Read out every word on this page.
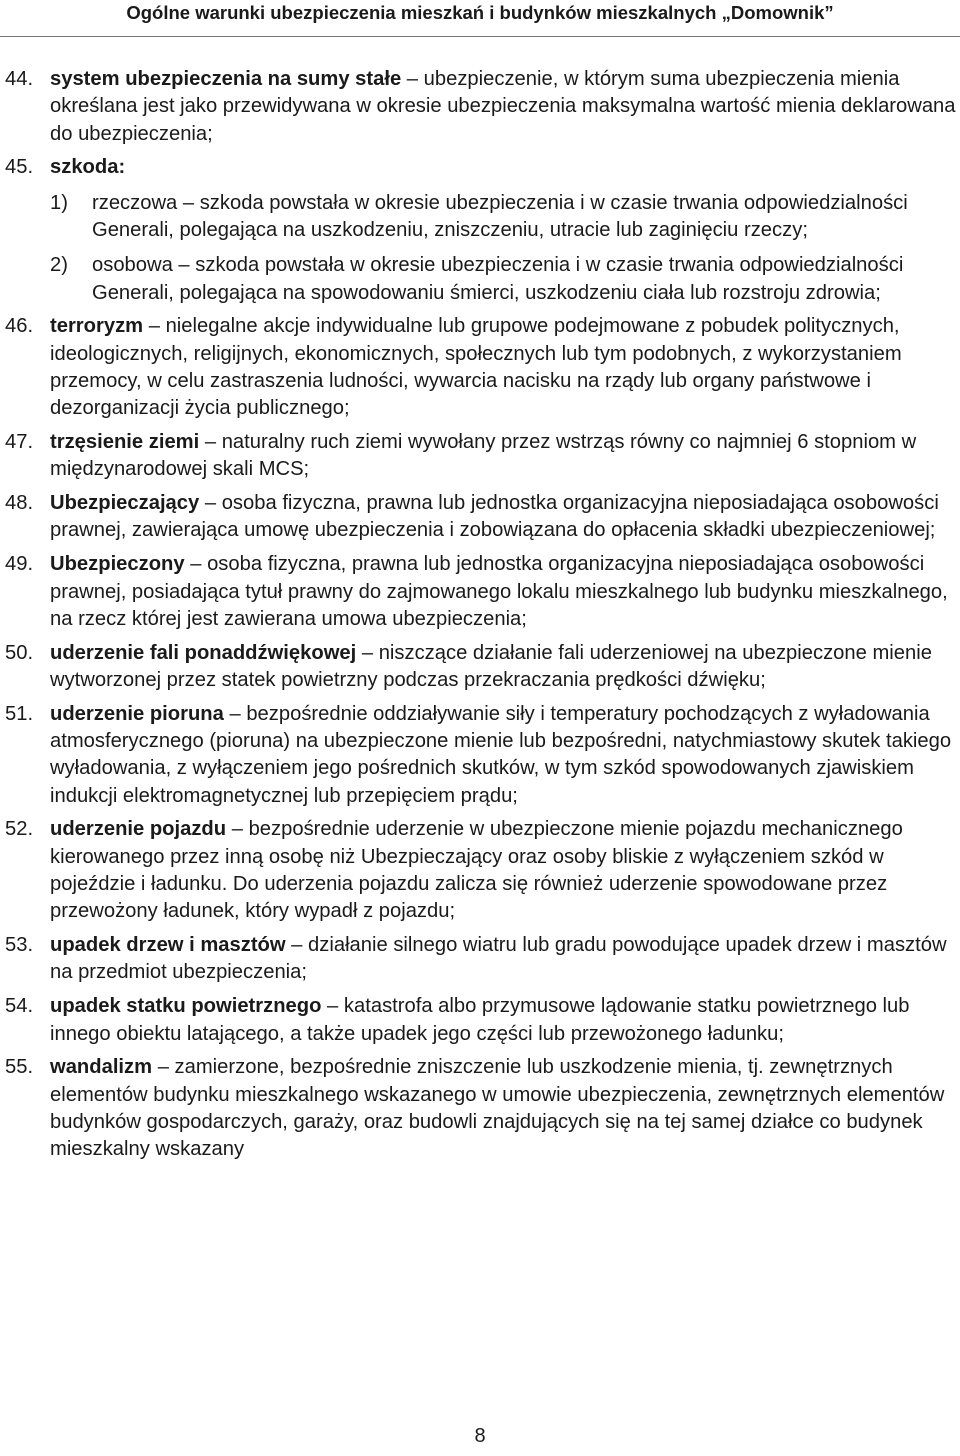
Ogólne warunki ubezpieczenia mieszkań i budynków mieszkalnych „Domownik”
44. system ubezpieczenia na sumy stałe – ubezpieczenie, w którym suma ubezpieczenia mienia określana jest jako przewidywana w okresie ubezpieczenia maksymalna wartość mienia deklarowana do ubezpieczenia;
45. szkoda:
1) rzeczowa – szkoda powstała w okresie ubezpieczenia i w czasie trwania odpowiedzialności Generali, polegająca na uszkodzeniu, zniszczeniu, utracie lub zaginięciu rzeczy;
2) osobowa – szkoda powstała w okresie ubezpieczenia i w czasie trwania odpowiedzialności Generali, polegająca na spowodowaniu śmierci, uszkodzeniu ciała lub rozstroju zdrowia;
46. terroryzm – nielegalne akcje indywidualne lub grupowe podejmowane z pobudek politycznych, ideologicznych, religijnych, ekonomicznych, społecznych lub tym podobnych, z wykorzystaniem przemocy, w celu zastraszenia ludności, wywarcia nacisku na rządy lub organy państwowe i dezorganizacji życia publicznego;
47. trzęsienie ziemi – naturalny ruch ziemi wywołany przez wstrząs równy co najmniej 6 stopniom w międzynarodowej skali MCS;
48. Ubezpieczający – osoba fizyczna, prawna lub jednostka organizacyjna nieposiadająca osobowości prawnej, zawierająca umowę ubezpieczenia i zobowiązana do opłacenia składki ubezpieczeniowej;
49. Ubezpieczony – osoba fizyczna, prawna lub jednostka organizacyjna nieposiadająca osobowości prawnej, posiadająca tytuł prawny do zajmowanego lokalu mieszkalnego lub budynku mieszkalnego, na rzecz której jest zawierana umowa ubezpieczenia;
50. uderzenie fali ponaddźwiękowej – niszczące działanie fali uderzeniowej na ubezpieczone mienie wytworzonej przez statek powietrzny podczas przekraczania prędkości dźwięku;
51. uderzenie pioruna – bezpośrednie oddziaływanie siły i temperatury pochodzących z wyładowania atmosferycznego (pioruna) na ubezpieczone mienie lub bezpośredni, natychmiastowy skutek takiego wyładowania, z wyłączeniem jego pośrednich skutków, w tym szkód spowodowanych zjawiskiem indukcji elektromagnetycznej lub przepięciem prądu;
52. uderzenie pojazdu – bezpośrednie uderzenie w ubezpieczone mienie pojazdu mechanicznego kierowanego przez inną osobę niż Ubezpieczający oraz osoby bliskie z wyłączeniem szkód w pojeździe i ładunku. Do uderzenia pojazdu zalicza się również uderzenie spowodowane przez przewożony ładunek, który wypadł z pojazdu;
53. upadek drzew i masztów – działanie silnego wiatru lub gradu powodujące upadek drzew i masztów na przedmiot ubezpieczenia;
54. upadek statku powietrznego – katastrofa albo przymusowe lądowanie statku powietrznego lub innego obiektu latającego, a także upadek jego części lub przewożonego ładunku;
55. wandalizm – zamierzone, bezpośrednie zniszczenie lub uszkodzenie mienia, tj. zewnętrznych elementów budynku mieszkalnego wskazanego w umowie ubezpieczenia, zewnętrznych elementów budynków gospodarczych, garaży, oraz budowli znajdujących się na tej samej działce co budynek mieszkalny wskazany
8
